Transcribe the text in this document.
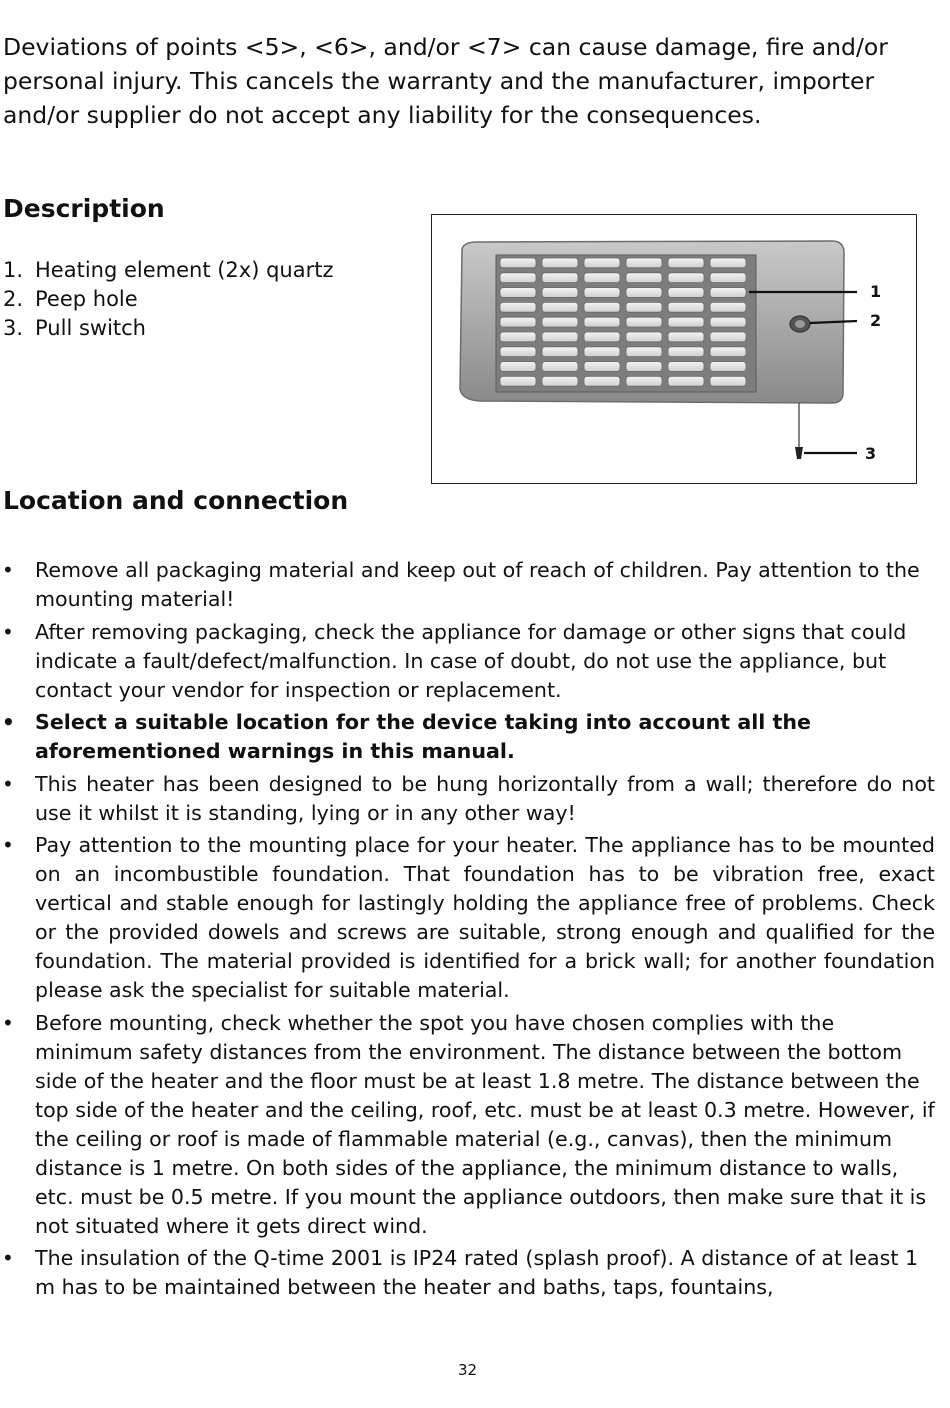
Deviations of points <5>, <6>, and/or <7> can cause damage, fire and/or personal injury. This cancels the warranty and the manufacturer, importer and/or supplier do not accept any liability for the consequences.

Description
1. Heating element (2x) quartz
2. Peep hole
3. Pull switch
1
2
3
Location and connection
• Remove all packaging material and keep out of reach of children. Pay attention to the mounting material!
• After removing packaging, check the appliance for damage or other signs that could indicate a fault/defect/malfunction. In case of doubt, do not use the appliance, but contact your vendor for inspection or replacement.
• Select a suitable location for the device taking into account all the aforementioned warnings in this manual.
• This heater has been designed to be hung horizontally from a wall; therefore do not use it whilst it is standing, lying or in any other way!
• Pay attention to the mounting place for your heater. The appliance has to be mounted on an incombustible foundation. That foundation has to be vibration free, exact vertical and stable enough for lastingly holding the appliance free of problems. Check or the provided dowels and screws are suitable, strong enough and qualified for the foundation. The material provided is identified for a brick wall; for another foundation please ask the specialist for suitable material.
• Before mounting, check whether the spot you have chosen complies with the minimum safety distances from the environment. The distance between the bottom side of the heater and the floor must be at least 1.8 metre. The distance between the top side of the heater and the ceiling, roof, etc. must be at least 0.3 metre. However, if the ceiling or roof is made of flammable material (e.g., canvas), then the minimum distance is 1 metre. On both sides of the appliance, the minimum distance to walls, etc. must be 0.5 metre. If you mount the appliance outdoors, then make sure that it is not situated where it gets direct wind.
• The insulation of the Q-time 2001 is IP24 rated (splash proof). A distance of at least 1 m has to be maintained between the heater and baths, taps, fountains,
32
